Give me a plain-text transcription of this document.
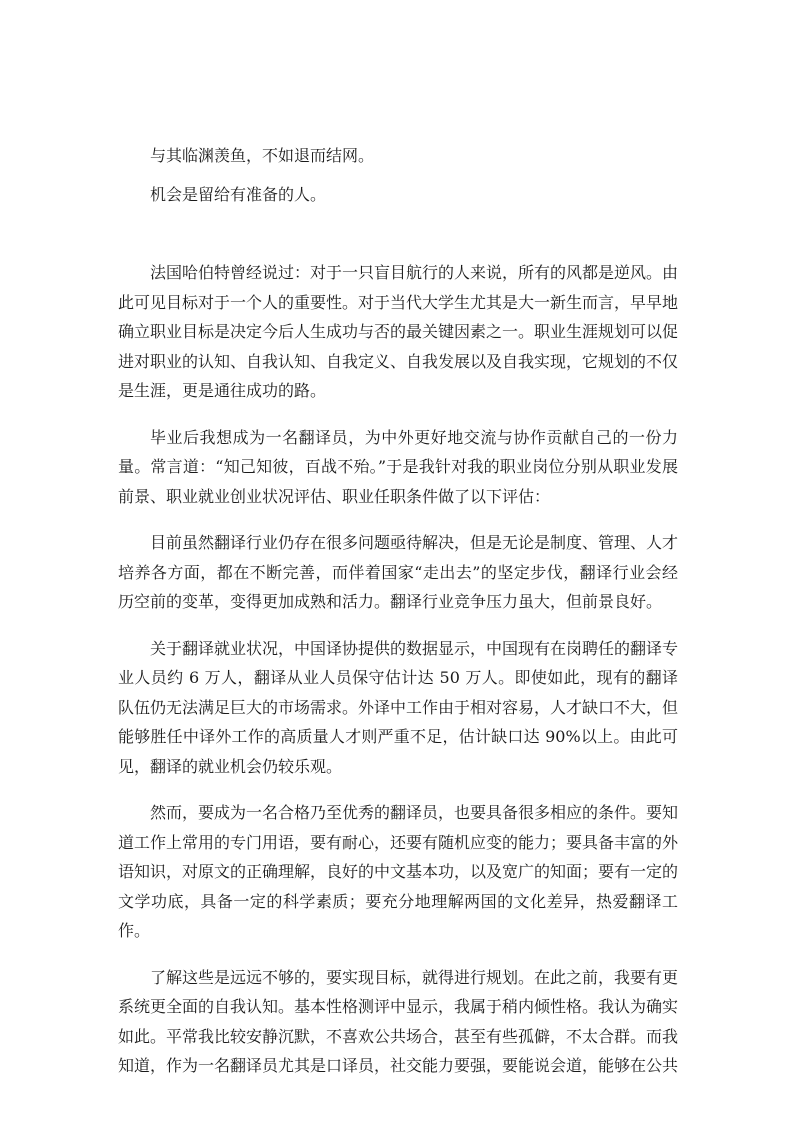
与其临渊羡鱼，不如退而结网。
机会是留给有准备的人。

法国哈伯特曾经说过：对于一只盲目航行的人来说，所有的风都是逆风。由此可见目标对于一个人的重要性。对于当代大学生尤其是大一新生而言，早早地确立职业目标是决定今后人生成功与否的最关键因素之一。职业生涯规划可以促进对职业的认知、自我认知、自我定义、自我发展以及自我实现，它规划的不仅是生涯，更是通往成功的路。

毕业后我想成为一名翻译员，为中外更好地交流与协作贡献自己的一份力量。常言道：“知己知彼，百战不殆。”于是我针对我的职业岗位分别从职业发展前景、职业就业创业状况评估、职业任职条件做了以下评估：

目前虽然翻译行业仍存在很多问题亟待解决，但是无论是制度、管理、人才培养各方面，都在不断完善，而伴着国家“走出去”的坚定步伐，翻译行业会经历空前的变革，变得更加成熟和活力。翻译行业竞争压力虽大，但前景良好。

关于翻译就业状况，中国译协提供的数据显示，中国现有在岗聘任的翻译专业人员约 6 万人，翻译从业人员保守估计达 50 万人。即使如此，现有的翻译队伍仍无法满足巨大的市场需求。外译中工作由于相对容易，人才缺口不大，但能够胜任中译外工作的高质量人才则严重不足，估计缺口达 90%以上。由此可见，翻译的就业机会仍较乐观。

然而，要成为一名合格乃至优秀的翻译员，也要具备很多相应的条件。要知道工作上常用的专门用语，要有耐心，还要有随机应变的能力；要具备丰富的外语知识，对原文的正确理解，良好的中文基本功，以及宽广的知面；要有一定的文学功底，具备一定的科学素质；要充分地理解两国的文化差异，热爱翻译工作。

了解这些是远远不够的，要实现目标，就得进行规划。在此之前，我要有更系统更全面的自我认知。基本性格测评中显示，我属于稍内倾性格。我认为确实如此。平常我比较安静沉默，不喜欢公共场合，甚至有些孤僻，不太合群。而我知道，作为一名翻译员尤其是口译员，社交能力要强，要能说会道，能够在公共
